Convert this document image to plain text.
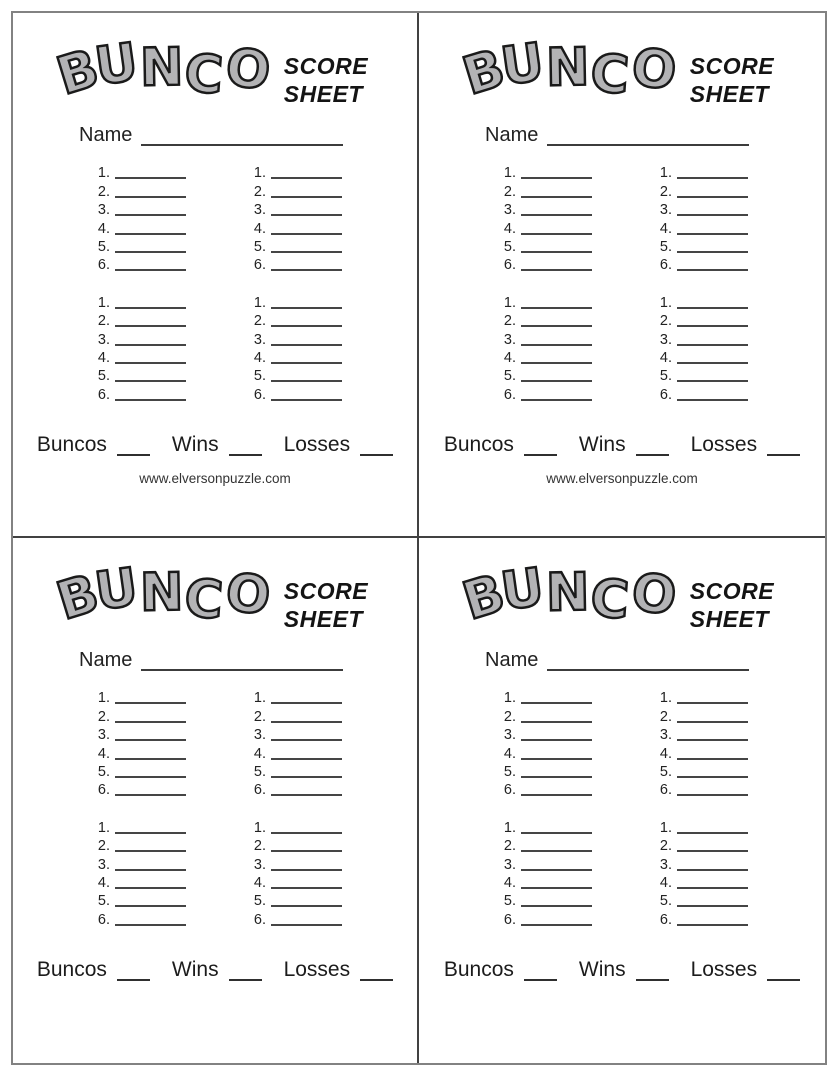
B
U
N C
O SCORE
SHEET
Name
1.
2.
3.
4.
5.
6.
1.
2.
3.
4.
5.
6.
1.
2.
3.
4.
5.
6.
1.
2.
3.
4.
5.
6.
Buncos	Wins	Losses
www.elversonpuzzle.com
B
U
N C
O SCORE
SHEET
Name
1.
2.
3.
4.
5.
6.
1.
2.
3.
4.
5.
6.
1.
2.
3.
4.
5.
6.
1.
2.
3.
4.
5.
6.
Buncos	Wins	Losses
www.elversonpuzzle.com
B
U
N C
O SCORE
SHEET
Name
1.
2.
3.
4.
5.
6.
1.
2.
3.
4.
5.
6.
1.
2.
3.
4.
5.
6.
1.
2.
3.
4.
5.
6.
Buncos	Wins	Losses
B
U
N C
O SCORE
SHEET
Name
1.
2.
3.
4.
5.
6.
1.
2.
3.
4.
5.
6.
1.
2.
3.
4.
5.
6.
1.
2.
3.
4.
5.
6.
Buncos	Wins	Losses
